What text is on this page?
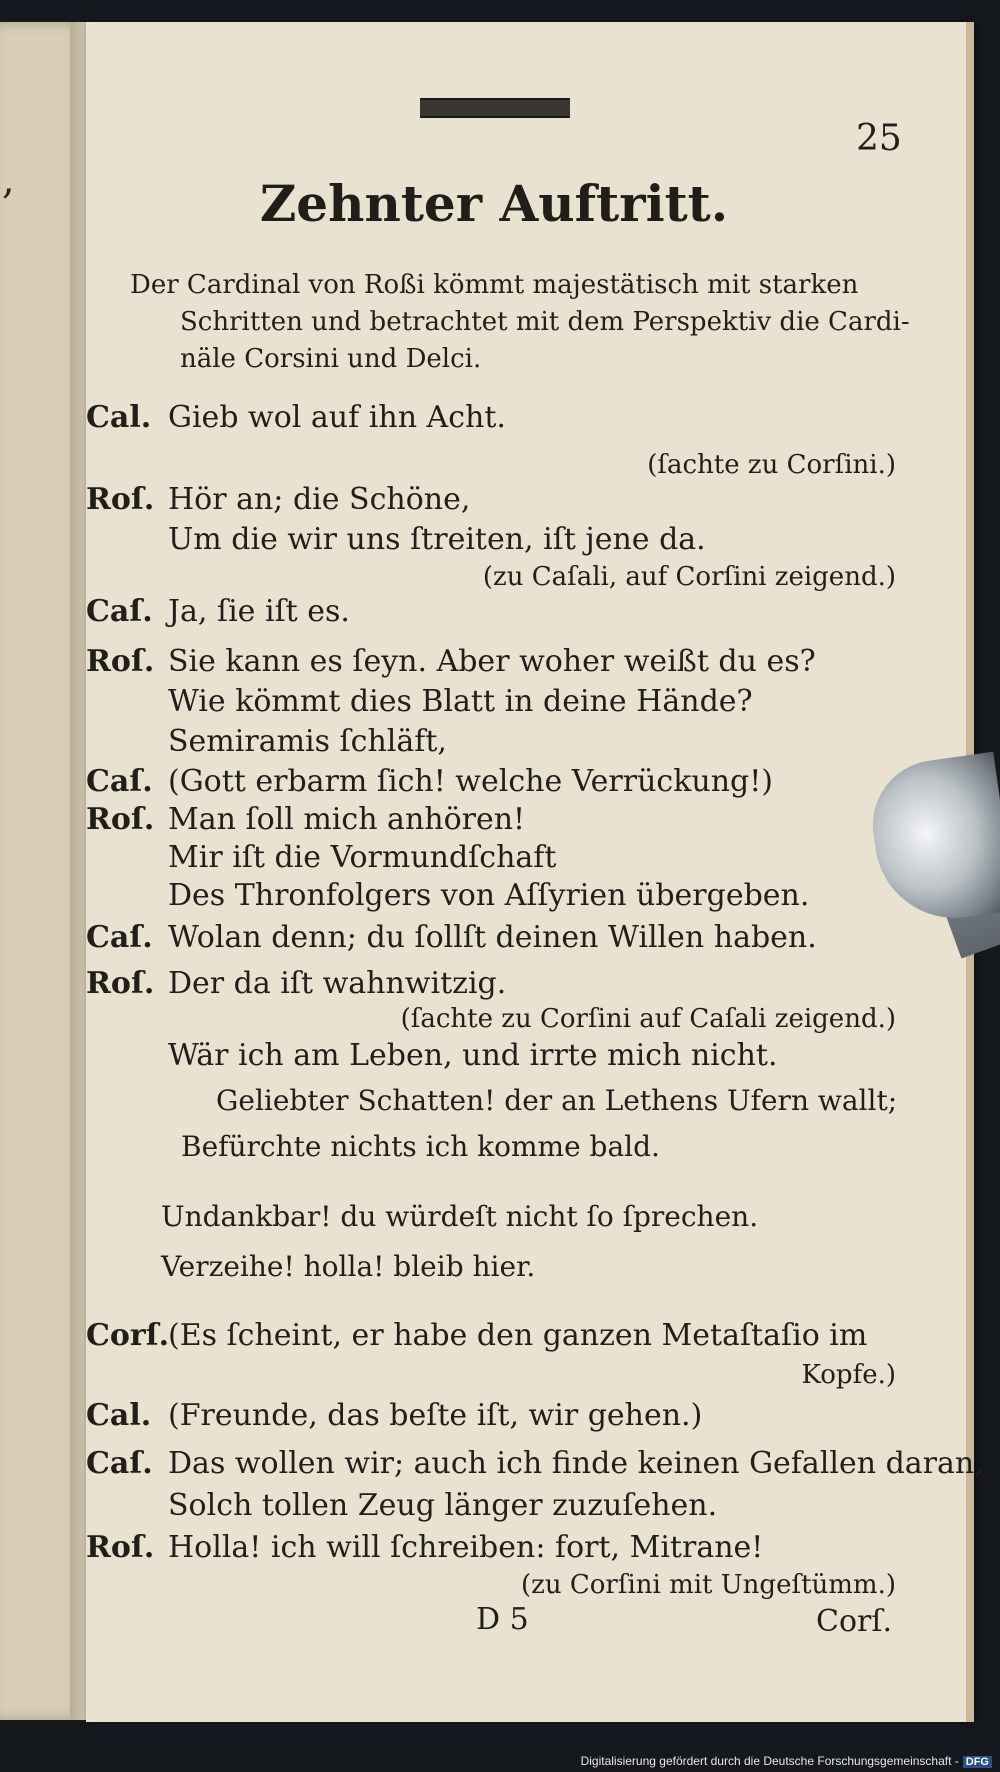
,
25
Zehnter Auftritt.
Der Cardinal von Roßi kömmt majestätisch mit starken Schritten und betrachtet mit dem Perspektiv die Cardi- näle Corsini und Delci.
Cal. Gieb wol auf ihn Acht.
(ſachte zu Corſini.)
Roſ. Hör an; die Schöne,
Um die wir uns ſtreiten, iſt jene da.
(zu Caſali, auf Corſini zeigend.)
Caſ. Ja, ſie iſt es.
Roſ. Sie kann es ſeyn. Aber woher weißt du es?
Wie kömmt dies Blatt in deine Hände?
Semiramis ſchläft,
Caſ. (Gott erbarm ſich! welche Verrückung!)
Roſ. Man ſoll mich anhören!
Mir iſt die Vormundſchaft
Des Thronfolgers von Aſſyrien übergeben.
Caſ. Wolan denn; du ſollſt deinen Willen haben.
Roſ. Der da iſt wahnwitzig.
(ſachte zu Corſini auf Caſali zeigend.)
Wär ich am Leben, und irrte mich nicht.
Geliebter Schatten! der an Lethens Ufern wallt;
Befürchte nichts ich komme bald.
Undankbar! du würdeſt nicht ſo ſprechen.
Verzeihe! holla! bleib hier.
Corſ.(Es ſcheint, er habe den ganzen Metaſtaſio im
Kopfe.)
Cal. (Freunde, das beſte iſt, wir gehen.)
Caſ. Das wollen wir; auch ich finde keinen Gefallen daran,
Solch tollen Zeug länger zuzuſehen.
Roſ. Holla! ich will ſchreiben: fort, Mitrane!
(zu Corſini mit Ungeſtümm.)
D 5	Corſ.
Digitalisierung gefördert durch die Deutsche Forschungsgemeinschaft - DFG
